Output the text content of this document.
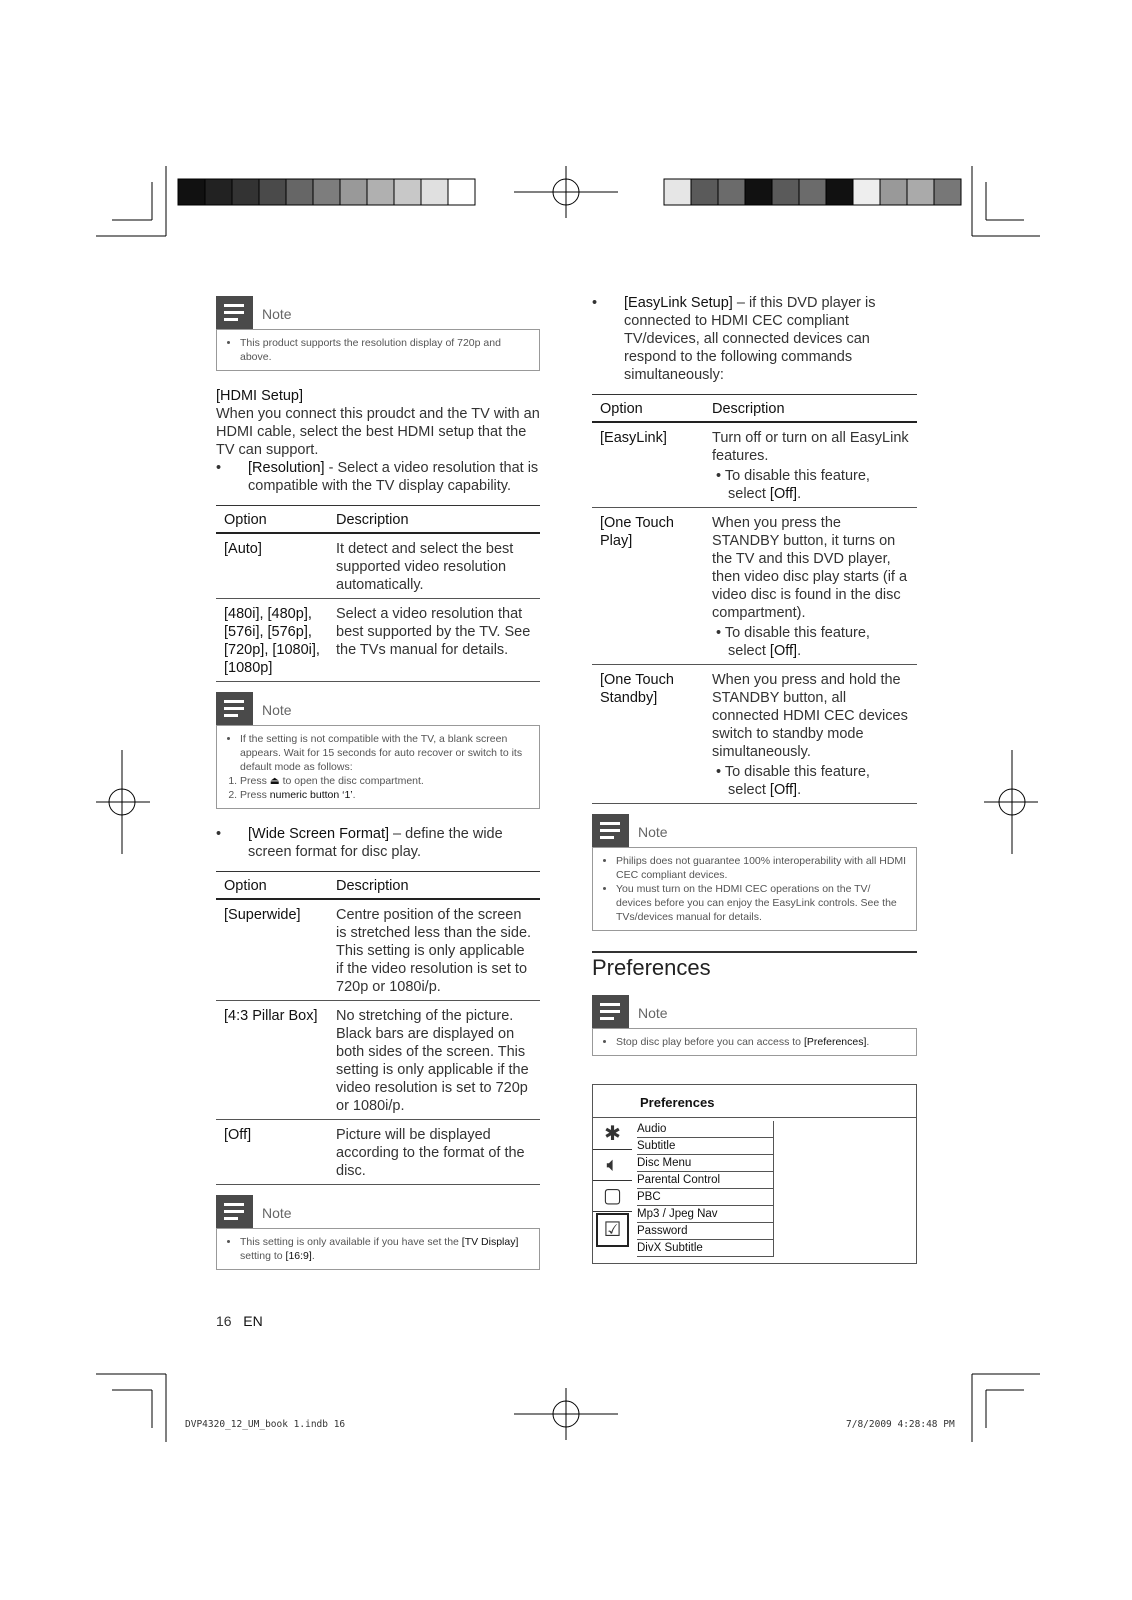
Note
• This product supports the resolution display of 720p and above.
[HDMI Setup]
When you connect this proudct and the TV with an HDMI cable, select the best HDMI setup that the TV can support.
• [Resolution] - Select a video resolution that is compatible with the TV display capability.
Option	Description
[Auto]	It detect and select the best supported video resolution automatically.
[480i], [480p], [576i], [576p], [720p], [1080i], [1080p]	Select a video resolution that best supported by the TV. See the TVs manual for details.
Note
• If the setting is not compatible with the TV, a blank screen appears. Wait for 15 seconds for auto recover or switch to its default mode as follows:
1. Press ⏏ to open the disc compartment.
2. Press numeric button ‘1’.
• [Wide Screen Format] – define the wide screen format for disc play.
Option	Description
[Superwide]	Centre position of the screen is stretched less than the side. This setting is only applicable if the video resolution is set to 720p or 1080i/p.
[4:3 Pillar Box]	No stretching of the picture. Black bars are displayed on both sides of the screen. This setting is only applicable if the video resolution is set to 720p or 1080i/p.
[Off]	Picture will be displayed according to the format of the disc.
Note
• This setting is only available if you have set the [TV Display] setting to [16:9].
• [EasyLink Setup] – if this DVD player is connected to HDMI CEC compliant TV/devices, all connected devices can respond to the following commands simultaneously:
Option	Description
[EasyLink]	Turn off or turn on all EasyLink features.
• To disable this feature, select [Off].

[One Touch Play]	When you press the STANDBY button, it turns on the TV and this DVD player, then video disc play starts (if a video disc is found in the disc compartment).
• To disable this feature, select [Off].

[One Touch Standby]	When you press and hold the STANDBY button, all connected HDMI CEC devices switch to standby mode simultaneously.
• To disable this feature, select [Off].
Note
• Philips does not guarantee 100% interoperability with all HDMI CEC compliant devices.
• You must turn on the HDMI CEC operations on the TV/ devices before you can enjoy the EasyLink controls. See the TVs/devices manual for details.
Preferences
Note
• Stop disc play before you can access to [Preferences].
Preferences
✱
🔈︎
▢
☑
Audio
Subtitle
Disc Menu
Parental Control
PBC
Mp3 / Jpeg Nav
Password
DivX Subtitle
16 EN
DVP4320_12_UM_book 1.indb 16	7/8/2009 4:28:48 PM
